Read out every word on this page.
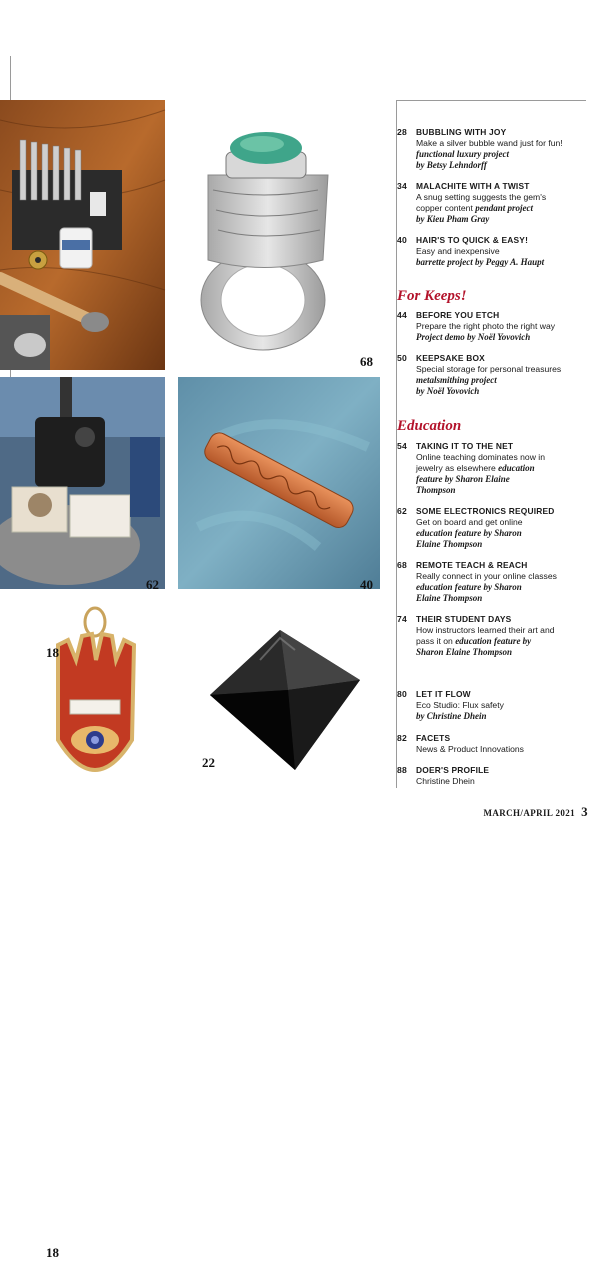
68
62	40
18
18
22
28 BUBBLING WITH JOY
Make a silver bubble wand just for fun!
functional luxury project
by Betsy Lehndorff
34 MALACHITE WITH A TWIST
A snug setting suggests the gem's
copper content pendant project
by Kieu Pham Gray
40 HAIR'S TO QUICK & EASY!
Easy and inexpensive
barrette project by Peggy A. Haupt
For Keeps!
44 BEFORE YOU ETCH
Prepare the right photo the right way
Project demo by Noël Yovovich
50 KEEPSAKE BOX
Special storage for personal treasures
metalsmithing project
by Noël Yovovich
Education
54 TAKING IT TO THE NET
Online teaching dominates now in
jewelry as elsewhere education
feature by Sharon Elaine
Thompson
62 SOME ELECTRONICS REQUIRED
Get on board and get online
education feature by Sharon
Elaine Thompson
68 REMOTE TEACH & REACH
Really connect in your online classes
education feature by Sharon
Elaine Thompson
74 THEIR STUDENT DAYS
How instructors learned their art and
pass it on education feature by
Sharon Elaine Thompson
80 LET IT FLOW
Eco Studio: Flux safety
by Christine Dhein
82 FACETS
News & Product Innovations
88 DOER'S PROFILE
Christine Dhein
MARCH/APRIL 2021 3
